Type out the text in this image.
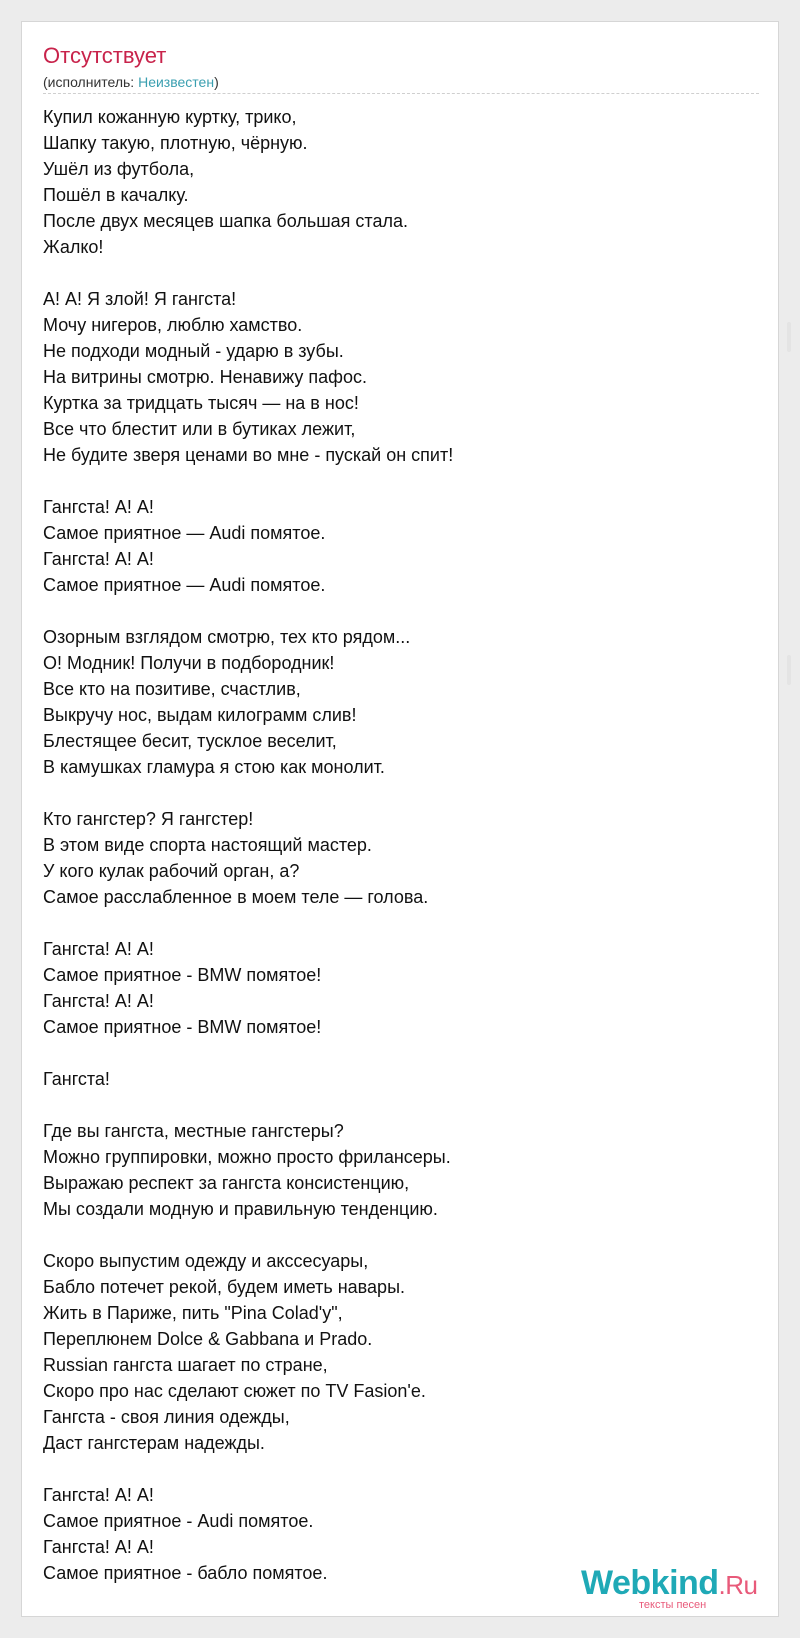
Отсутствует
(исполнитель: Неизвестен)
Купил кожанную куртку, трико,
Шапку такую, плотную, чёрную.
Ушёл из футбола,
Пошёл в качалку.
После двух месяцев шапка большая стала.
Жалко!
А! А! Я злой! Я гангста!
Мочу нигеров, люблю хамство.
Не подходи модный - ударю в зубы.
На витрины смотрю. Ненавижу пафос.
Куртка за тридцать тысяч — на в нос!
Все что блестит или в бутиках лежит,
Не будите зверя ценами во мне - пускай он спит!
Гангста! А! А!
Самое приятное — Audi помятое.
Гангста! А! А!
Самое приятное — Audi помятое.
Озорным взглядом смотрю, тех кто рядом...
О! Модник! Получи в подбородник!
Все кто на позитиве, счастлив,
Выкручу нос, выдам килограмм слив!
Блестящее бесит, тусклое веселит,
В камушках гламура я стою как монолит.
Кто гангстер? Я гангстер!
В этом виде спорта настоящий мастер.
У кого кулак рабочий орган, а?
Самое расслабленное в моем теле — голова.
Гангста! А! А!
Самое приятное - BMW помятое!
Гангста! А! А!
Самое приятное - BMW помятое!
Гангста!
Где вы гангста, местные гангстеры?
Можно группировки, можно просто фрилансеры.
Выражаю респект за гангста консистенцию,
Мы создали модную и правильную тенденцию.
Скоро выпустим одежду и акссесуары,
Бабло потечет рекой, будем иметь навары.
Жить в Париже, пить "Pina Colad'y",
Переплюнем Dolce & Gabbana и Prado.
Russian гангста шагает по стране,
Скоро про нас сделают сюжет по TV Fasion'e.
Гангста - своя линия одежды,
Даст гангстерам надежды.
Гангста! А! А!
Самое приятное - Audi помятое.
Гангста! А! А!
Самое приятное - бабло помятое.	Webkind.Ru
тексты песен
